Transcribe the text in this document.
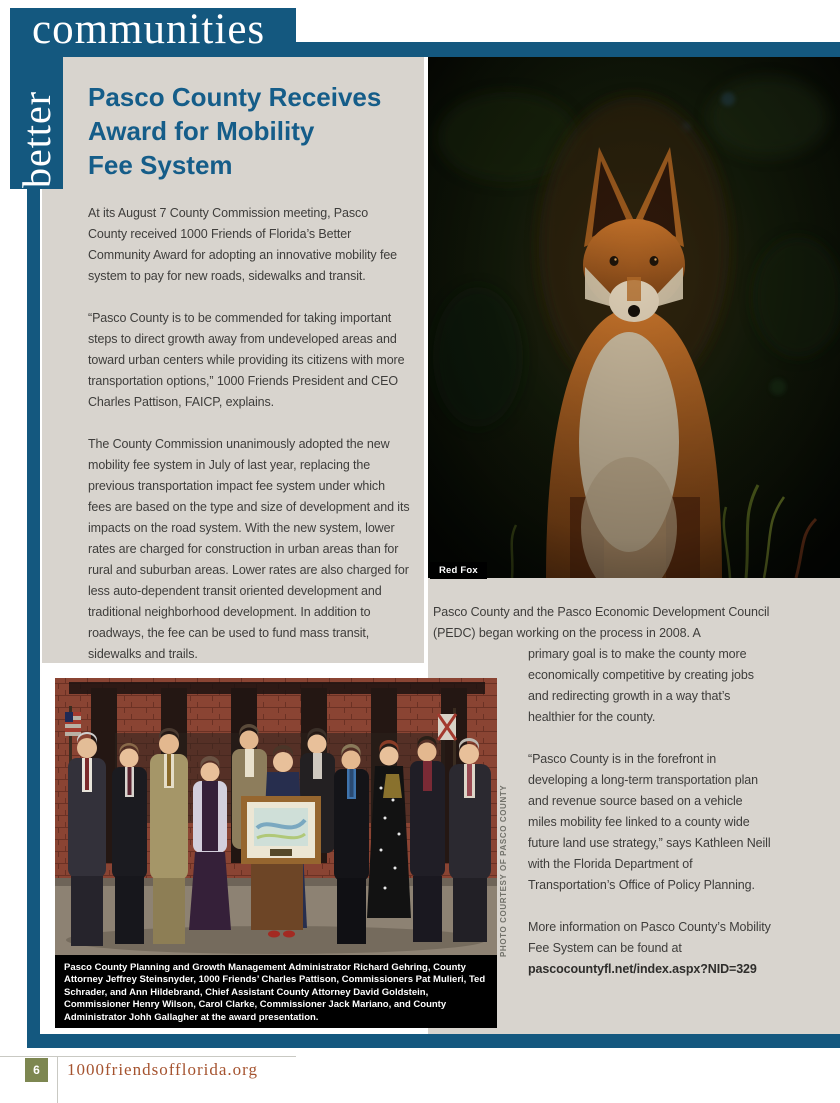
communities
better
Red Fox
Pasco County Receives
Award for Mobility
Fee System

At its August 7 County Commission meeting, Pasco County received 1000 Friends of Florida’s Better Community Award for adopting an innovative mobility fee system to pay for new roads, sidewalks and transit.

“Pasco County is to be commended for taking important steps to direct growth away from undeveloped areas and toward urban centers while providing its citizens with more transportation options,” 1000 Friends President and CEO Charles Pattison, FAICP, explains.

The County Commission unanimously adopted the new mobility fee system in July of last year, replacing the previous transportation impact fee system under which fees are based on the type and size of development and its impacts on the road system. With the new system, lower rates are charged for construction in urban areas than for rural and suburban areas. Lower rates are also charged for less auto-dependent transit oriented development and traditional neighborhood development. In addition to roadways, the fee can be used to fund mass transit, sidewalks and trails.

Pasco County Planning and Growth Management Administrator Richard Gehring, County Attorney Jeffrey Steinsnyder, 1000 Friends’ Charles Pattison, Commissioners Pat Mulieri, Ted Schrader, and Ann Hildebrand, Chief Assistant County Attorney David Goldstein, Commissioner Henry Wilson, Carol Clarke, Commissioner Jack Mariano, and County Administrator Johh Gallagher at the award presentation.
PHOTO COURTESY OF PASCO COUNTY
Pasco County and the Pasco Economic Development Council (PEDC) began working on the process in 2008. A
primary goal is to make the county more economically competitive by creating jobs and redirecting growth in a way that’s healthier for the county.
“Pasco County is in the forefront in developing a long-term transportation plan and revenue source based on a vehicle miles mobility fee linked to a county wide future land use strategy,” says Kathleen Neill with the Florida Department of Transportation’s Office of Policy Planning.
More information on Pasco County’s Mobility Fee System can be found at pascocountyfl.net/index.aspx?NID=329
6	1000friendsofflorida.org
